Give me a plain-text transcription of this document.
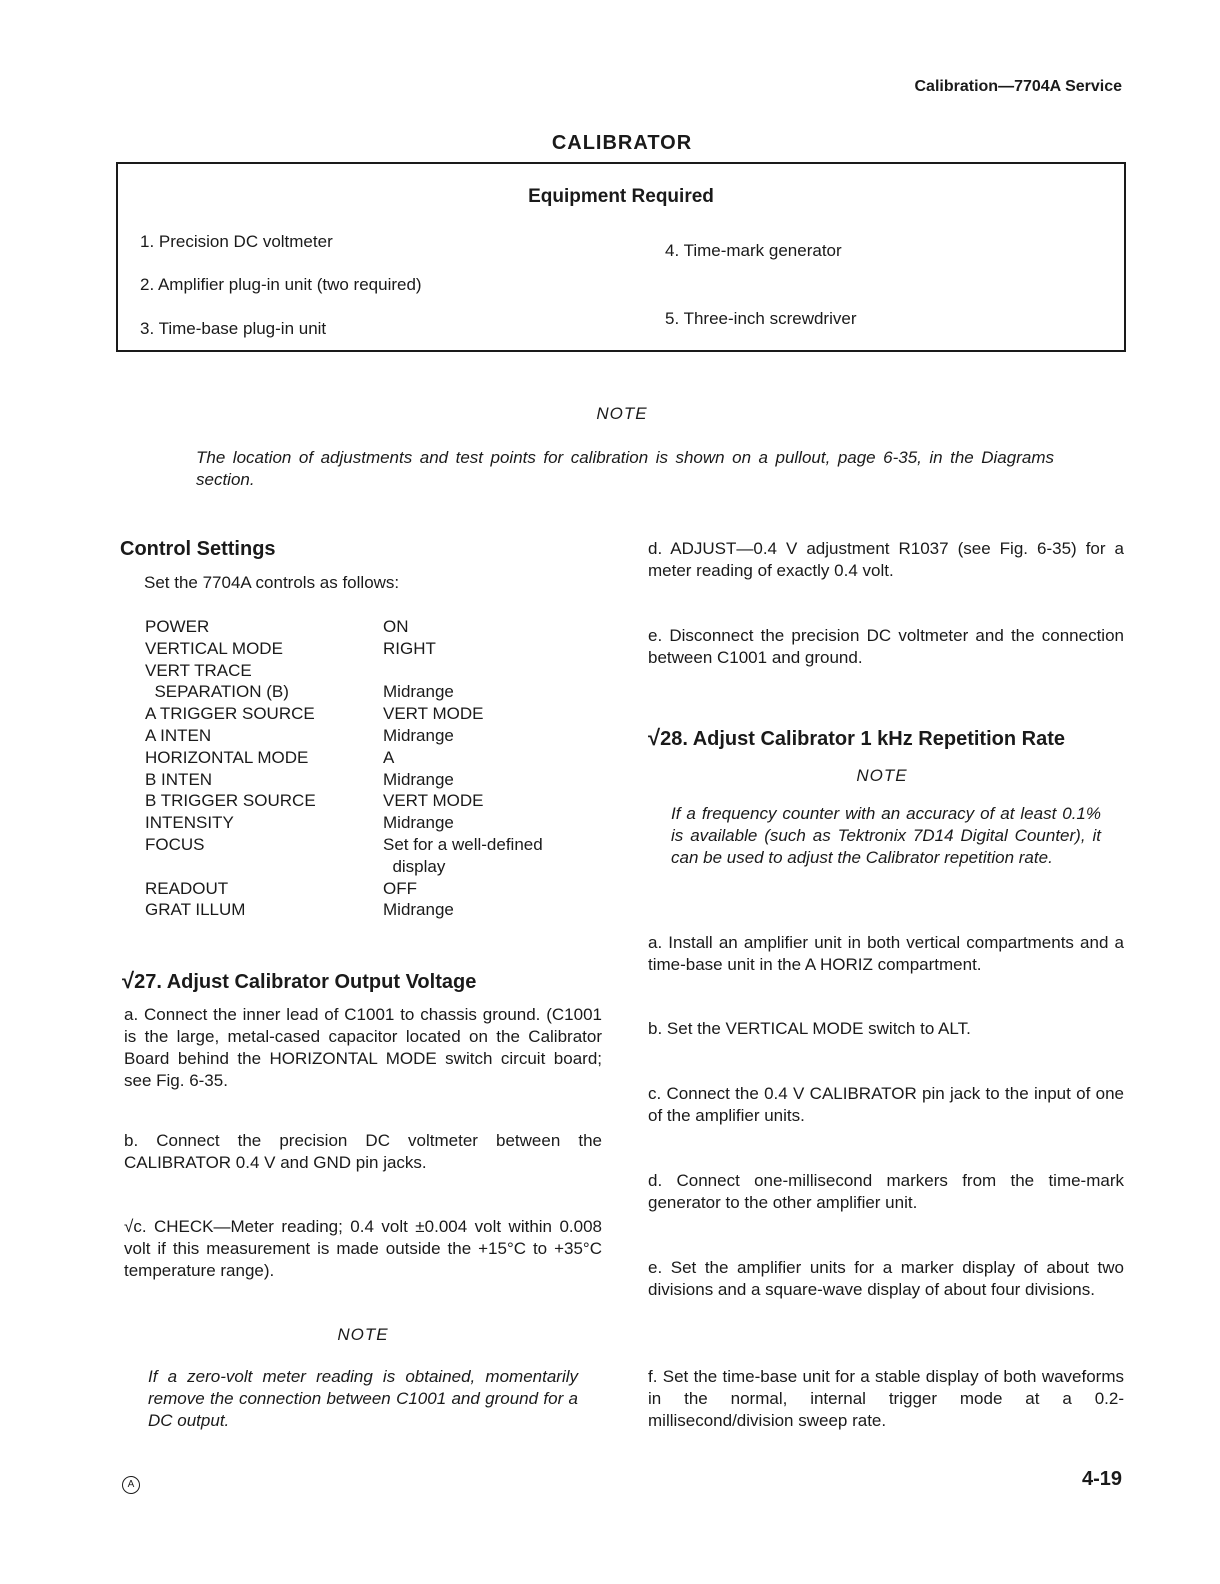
Calibration—7704A Service
CALIBRATOR
Equipment Required
1. Precision DC voltmeter
2. Amplifier plug-in unit (two required)
3. Time-base plug-in unit
4. Time-mark generator
5. Three-inch screwdriver
NOTE
The location of adjustments and test points for calibration is shown on a pullout, page 6-35, in the Diagrams section.
Control Settings
Set the 7704A controls as follows:
POWER	ON
VERTICAL MODE	RIGHT
VERT TRACE
SEPARATION (B)	Midrange
A TRIGGER SOURCE	VERT MODE
A INTEN	Midrange
HORIZONTAL MODE	A
B INTEN	Midrange
B TRIGGER SOURCE	VERT MODE
INTENSITY	Midrange
FOCUS	Set for a well-defined
display
READOUT	OFF
GRAT ILLUM	Midrange
√27. Adjust Calibrator Output Voltage
a. Connect the inner lead of C1001 to chassis ground. (C1001 is the large, metal-cased capacitor located on the Calibrator Board behind the HORIZONTAL MODE switch circuit board; see Fig. 6-35.
b. Connect the precision DC voltmeter between the CALIBRATOR 0.4 V and GND pin jacks.
√c. CHECK—Meter reading; 0.4 volt ±0.004 volt within 0.008 volt if this measurement is made outside the +15°C to +35°C temperature range).
NOTE
If a zero-volt meter reading is obtained, momentarily remove the connection between C1001 and ground for a DC output.
d. ADJUST—0.4 V adjustment R1037 (see Fig. 6-35) for a meter reading of exactly 0.4 volt.
e. Disconnect the precision DC voltmeter and the connection between C1001 and ground.
√28. Adjust Calibrator 1 kHz Repetition Rate
NOTE
If a frequency counter with an accuracy of at least 0.1% is available (such as Tektronix 7D14 Digital Counter), it can be used to adjust the Calibrator repetition rate.
a. Install an amplifier unit in both vertical compartments and a time-base unit in the A HORIZ compartment.
b. Set the VERTICAL MODE switch to ALT.
c. Connect the 0.4 V CALIBRATOR pin jack to the input of one of the amplifier units.
d. Connect one-millisecond markers from the time-mark generator to the other amplifier unit.
e. Set the amplifier units for a marker display of about two divisions and a square-wave display of about four divisions.
f. Set the time-base unit for a stable display of both waveforms in the normal, internal trigger mode at a 0.2-millisecond/division sweep rate.
A	4-19
